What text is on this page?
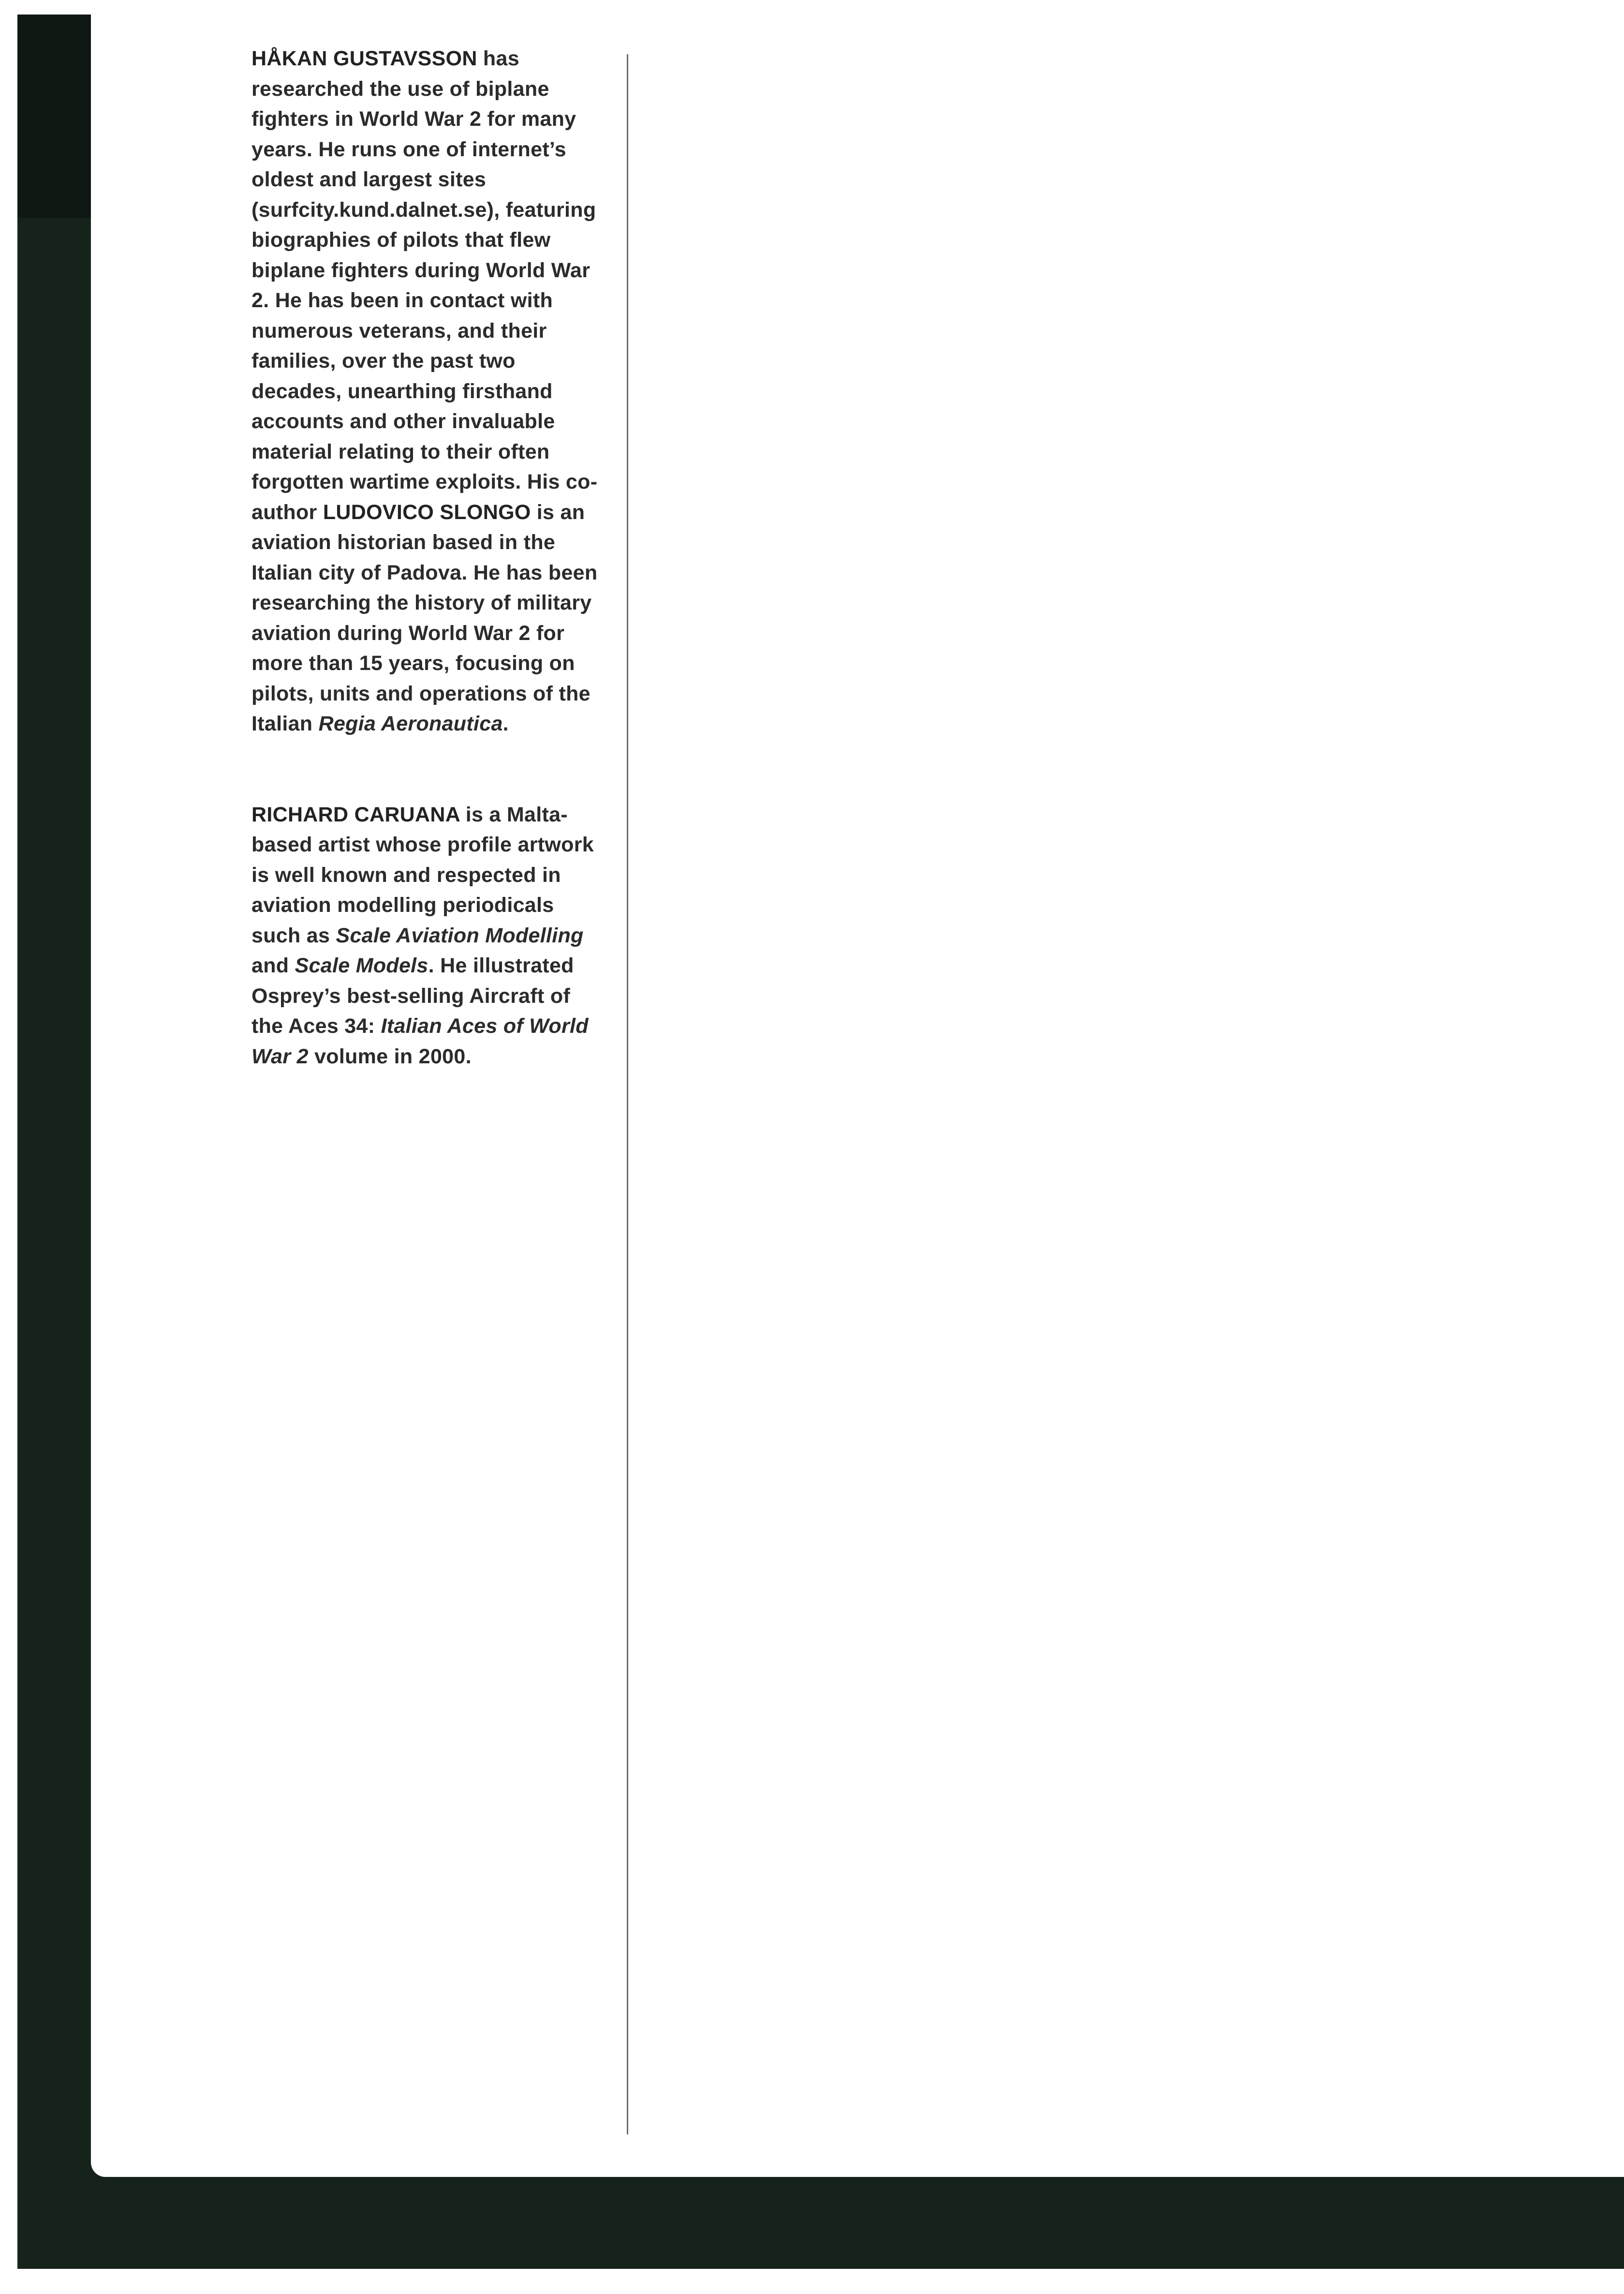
HÅKAN GUSTAVSSON has researched the use of biplane fighters in World War 2 for many years. He runs one of internet’s oldest and largest sites (surfcity.kund.dalnet.se), featuring biographies of pilots that flew biplane fighters during World War 2. He has been in contact with numerous veterans, and their families, over the past two decades, unearthing firsthand accounts and other invaluable material relating to their often forgotten wartime exploits. His co-author LUDOVICO SLONGO is an aviation historian based in the Italian city of Padova. He has been researching the history of military aviation during World War 2 for more than 15 years, focusing on pilots, units and operations of the Italian Regia Aeronautica.

RICHARD CARUANA is a Malta-based artist whose profile artwork is well known and respected in aviation modelling periodicals such as Scale Aviation Modelling and Scale Models. He illustrated Osprey’s best-selling Aircraft of the Aces 34: Italian Aces of World War 2 volume in 2000.
